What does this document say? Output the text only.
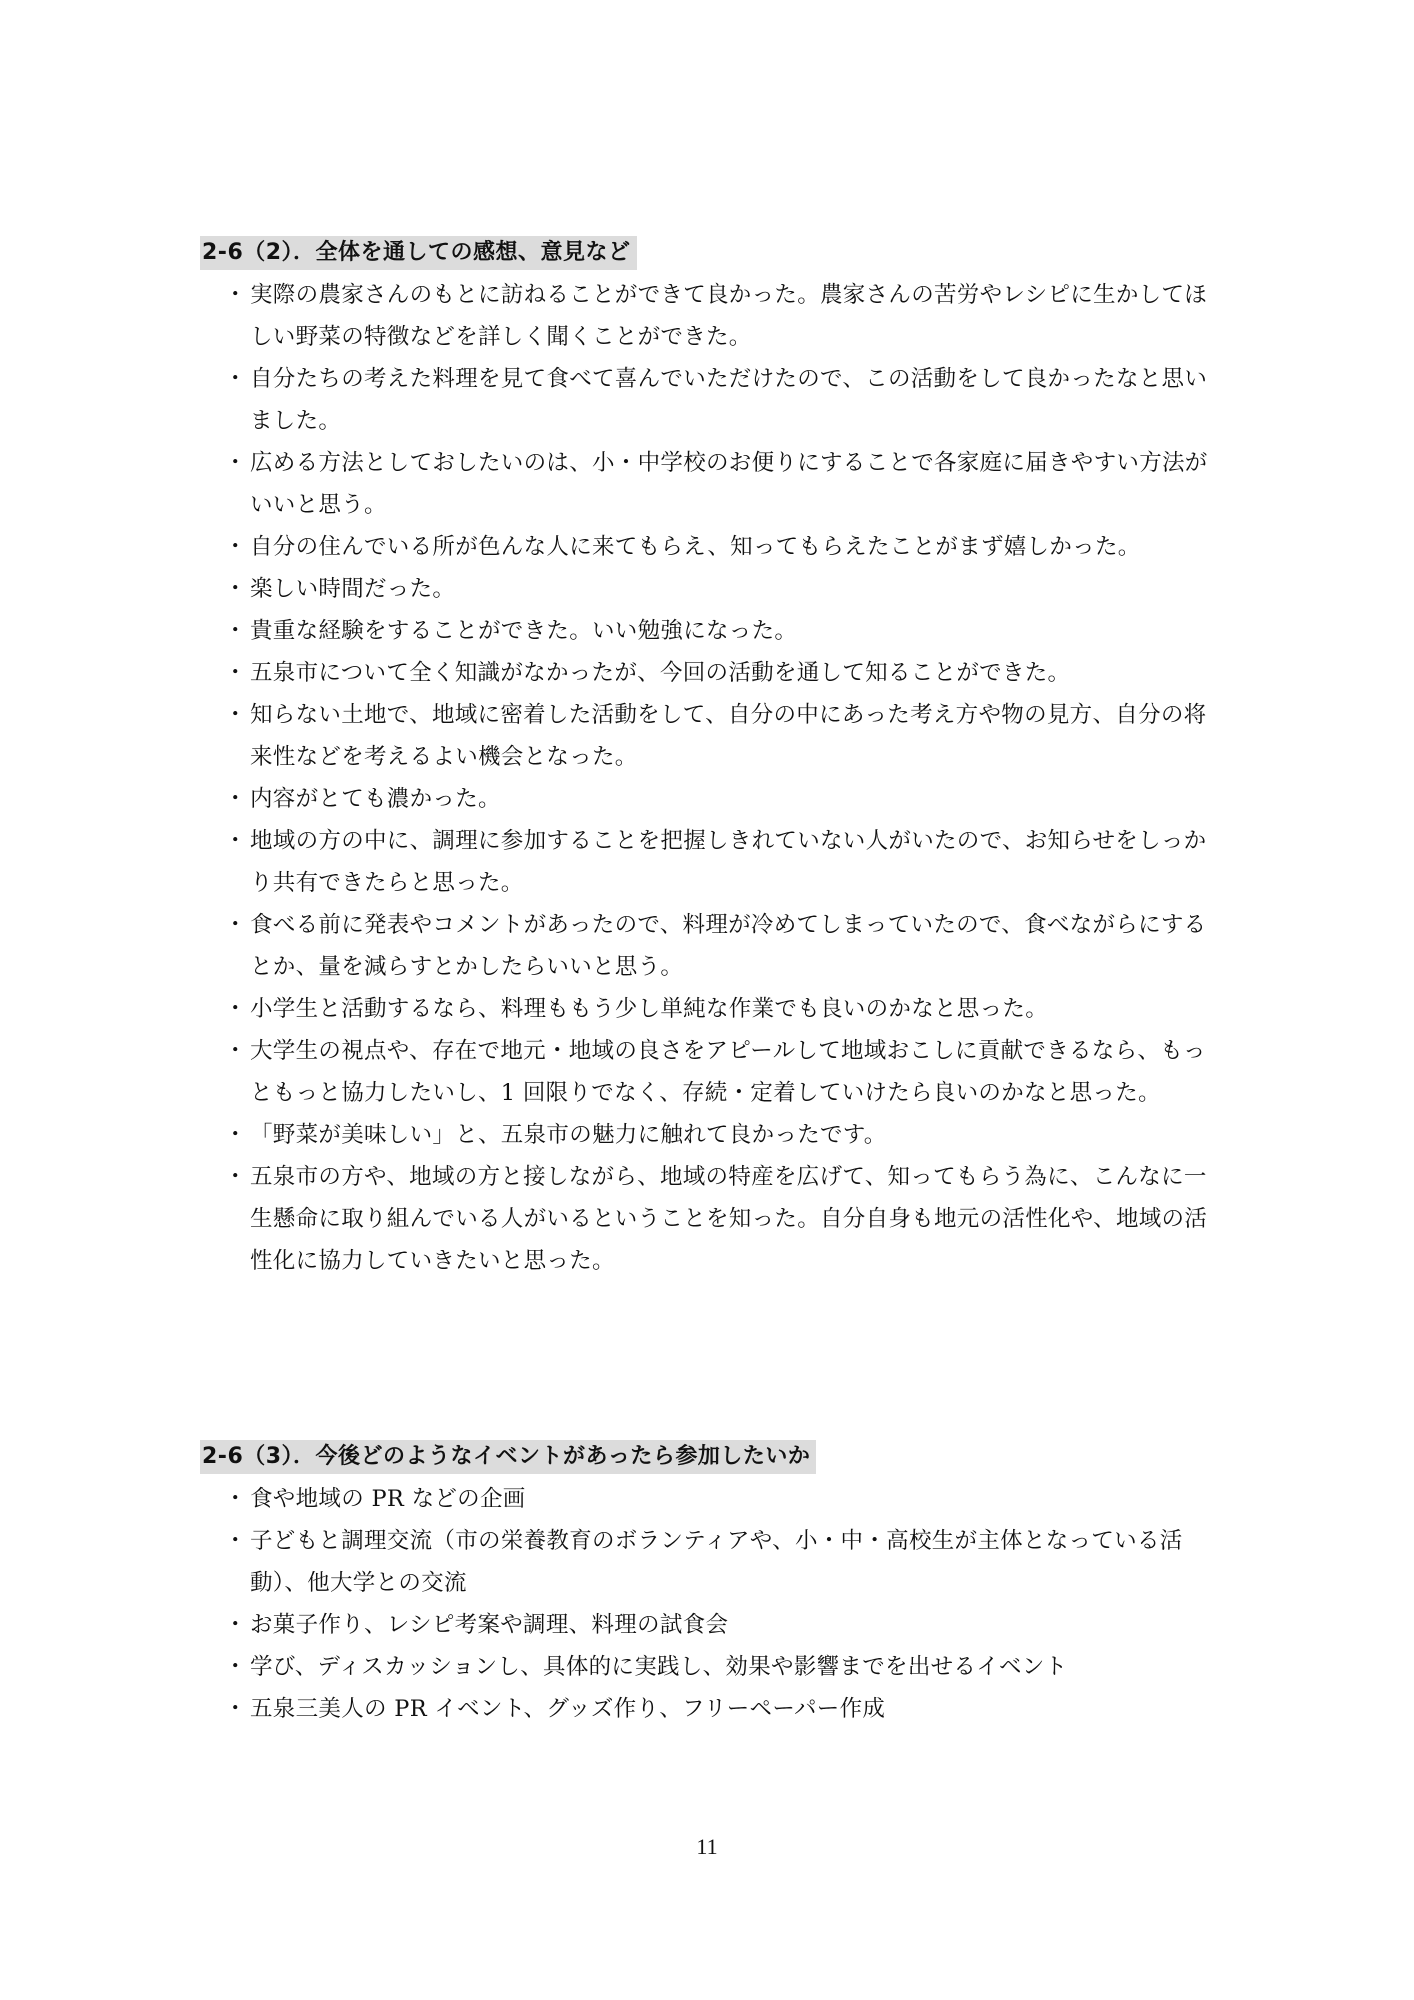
2-6（2）．全体を通しての感想、意見など
・ 実際の農家さんのもとに訪ねることができて良かった。農家さんの苦労やレシピに生かしてほしい野菜の特徴などを詳しく聞くことができた。
・ 自分たちの考えた料理を見て食べて喜んでいただけたので、この活動をして良かったなと思いました。
・ 広める方法としておしたいのは、小・中学校のお便りにすることで各家庭に届きやすい方法がいいと思う。
・ 自分の住んでいる所が色んな人に来てもらえ、知ってもらえたことがまず嬉しかった。
・ 楽しい時間だった。
・ 貴重な経験をすることができた。いい勉強になった。
・ 五泉市について全く知識がなかったが、今回の活動を通して知ることができた。
・ 知らない土地で、地域に密着した活動をして、自分の中にあった考え方や物の見方、自分の将来性などを考えるよい機会となった。
・ 内容がとても濃かった。
・ 地域の方の中に、調理に参加することを把握しきれていない人がいたので、お知らせをしっかり共有できたらと思った。
・ 食べる前に発表やコメントがあったので、料理が冷めてしまっていたので、食べながらにするとか、量を減らすとかしたらいいと思う。
・ 小学生と活動するなら、料理ももう少し単純な作業でも良いのかなと思った。
・ 大学生の視点や、存在で地元・地域の良さをアピールして地域おこしに貢献できるなら、もっともっと協力したいし、1 回限りでなく、存続・定着していけたら良いのかなと思った。
・ 「野菜が美味しい」と、五泉市の魅力に触れて良かったです。
・ 五泉市の方や、地域の方と接しながら、地域の特産を広げて、知ってもらう為に、こんなに一生懸命に取り組んでいる人がいるということを知った。自分自身も地元の活性化や、地域の活性化に協力していきたいと思った。
2-6（3）．今後どのようなイベントがあったら参加したいか
・ 食や地域の PR などの企画
・ 子どもと調理交流（市の栄養教育のボランティアや、小・中・高校生が主体となっている活動）、他大学との交流
・ お菓子作り、レシピ考案や調理、料理の試食会
・ 学び、ディスカッションし、具体的に実践し、効果や影響までを出せるイベント
・ 五泉三美人の PR イベント、グッズ作り、フリーペーパー作成
11
